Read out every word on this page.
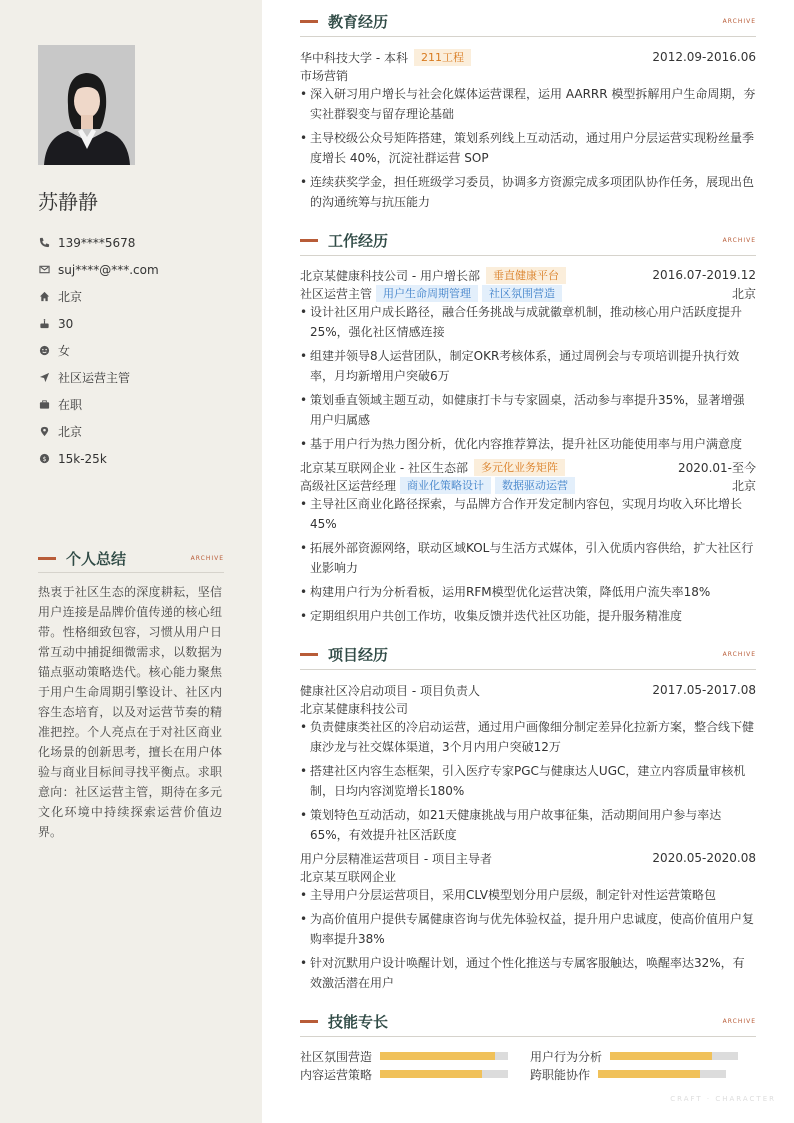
苏静静
139****5678
suj****@***.com
北京
30
女
社区运营主管
在职
北京
$ 15k-25k
个人总结	ARCHIVE
热衷于社区生态的深度耕耘，坚信用户连接是品牌价值传递的核心纽带。性格细致包容，习惯从用户日常互动中捕捉细微需求，以数据为锚点驱动策略迭代。核心能力聚焦于用户生命周期引擎设计、社区内容生态培育，以及对运营节奏的精准把控。个人亮点在于对社区商业化场景的创新思考，擅长在用户体验与商业目标间寻找平衡点。求职意向：社区运营主管，期待在多元文化环境中持续探索运营价值边界。
教育经历	ARCHIVE
华中科技大学 - 本科	211工程	2012.09-2016.06
市场营销
• 深入研习用户增长与社会化媒体运营课程，运用 AARRR 模型拆解用户生命周期，夯实社群裂变与留存理论基础
• 主导校级公众号矩阵搭建，策划系列线上互动活动，通过用户分层运营实现粉丝量季度增长 40%，沉淀社群运营 SOP
• 连续获奖学金，担任班级学习委员，协调多方资源完成多项团队协作任务，展现出色的沟通统筹与抗压能力
工作经历	ARCHIVE
北京某健康科技公司 - 用户增长部	垂直健康平台	2016.07-2019.12
社区运营主管	用户生命周期管理	社区氛围营造	北京
• 设计社区用户成长路径，融合任务挑战与成就徽章机制，推动核心用户活跃度提升25%，强化社区情感连接
• 组建并领导8人运营团队，制定OKR考核体系，通过周例会与专项培训提升执行效率，月均新增用户突破6万
• 策划垂直领域主题互动，如健康打卡与专家圆桌，活动参与率提升35%，显著增强用户归属感
• 基于用户行为热力图分析，优化内容推荐算法，提升社区功能使用率与用户满意度
北京某互联网企业 - 社区生态部	多元化业务矩阵	2020.01-至今
高级社区运营经理	商业化策略设计	数据驱动运营	北京
• 主导社区商业化路径探索，与品牌方合作开发定制内容包，实现月均收入环比增长45%
• 拓展外部资源网络，联动区域KOL与生活方式媒体，引入优质内容供给，扩大社区行业影响力
• 构建用户行为分析看板，运用RFM模型优化运营决策，降低用户流失率18%
• 定期组织用户共创工作坊，收集反馈并迭代社区功能，提升服务精准度
项目经历	ARCHIVE
健康社区冷启动项目 - 项目负责人	2017.05-2017.08
北京某健康科技公司
• 负责健康类社区的冷启动运营，通过用户画像细分制定差异化拉新方案，整合线下健康沙龙与社交媒体渠道，3个月内用户突破12万
• 搭建社区内容生态框架，引入医疗专家PGC与健康达人UGC，建立内容质量审核机制，日均内容浏览增长180%
• 策划特色互动活动，如21天健康挑战与用户故事征集，活动期间用户参与率达65%，有效提升社区活跃度
用户分层精准运营项目 - 项目主导者	2020.05-2020.08
北京某互联网企业
• 主导用户分层运营项目，采用CLV模型划分用户层级，制定针对性运营策略包
• 为高价值用户提供专属健康咨询与优先体验权益，提升用户忠诚度，使高价值用户复购率提升38%
• 针对沉默用户设计唤醒计划，通过个性化推送与专属客服触达，唤醒率达32%，有效激活潜在用户
技能专长	ARCHIVE
社区氛围营造	用户行为分析
内容运营策略	跨职能协作
CRAFT · CHARACTER
